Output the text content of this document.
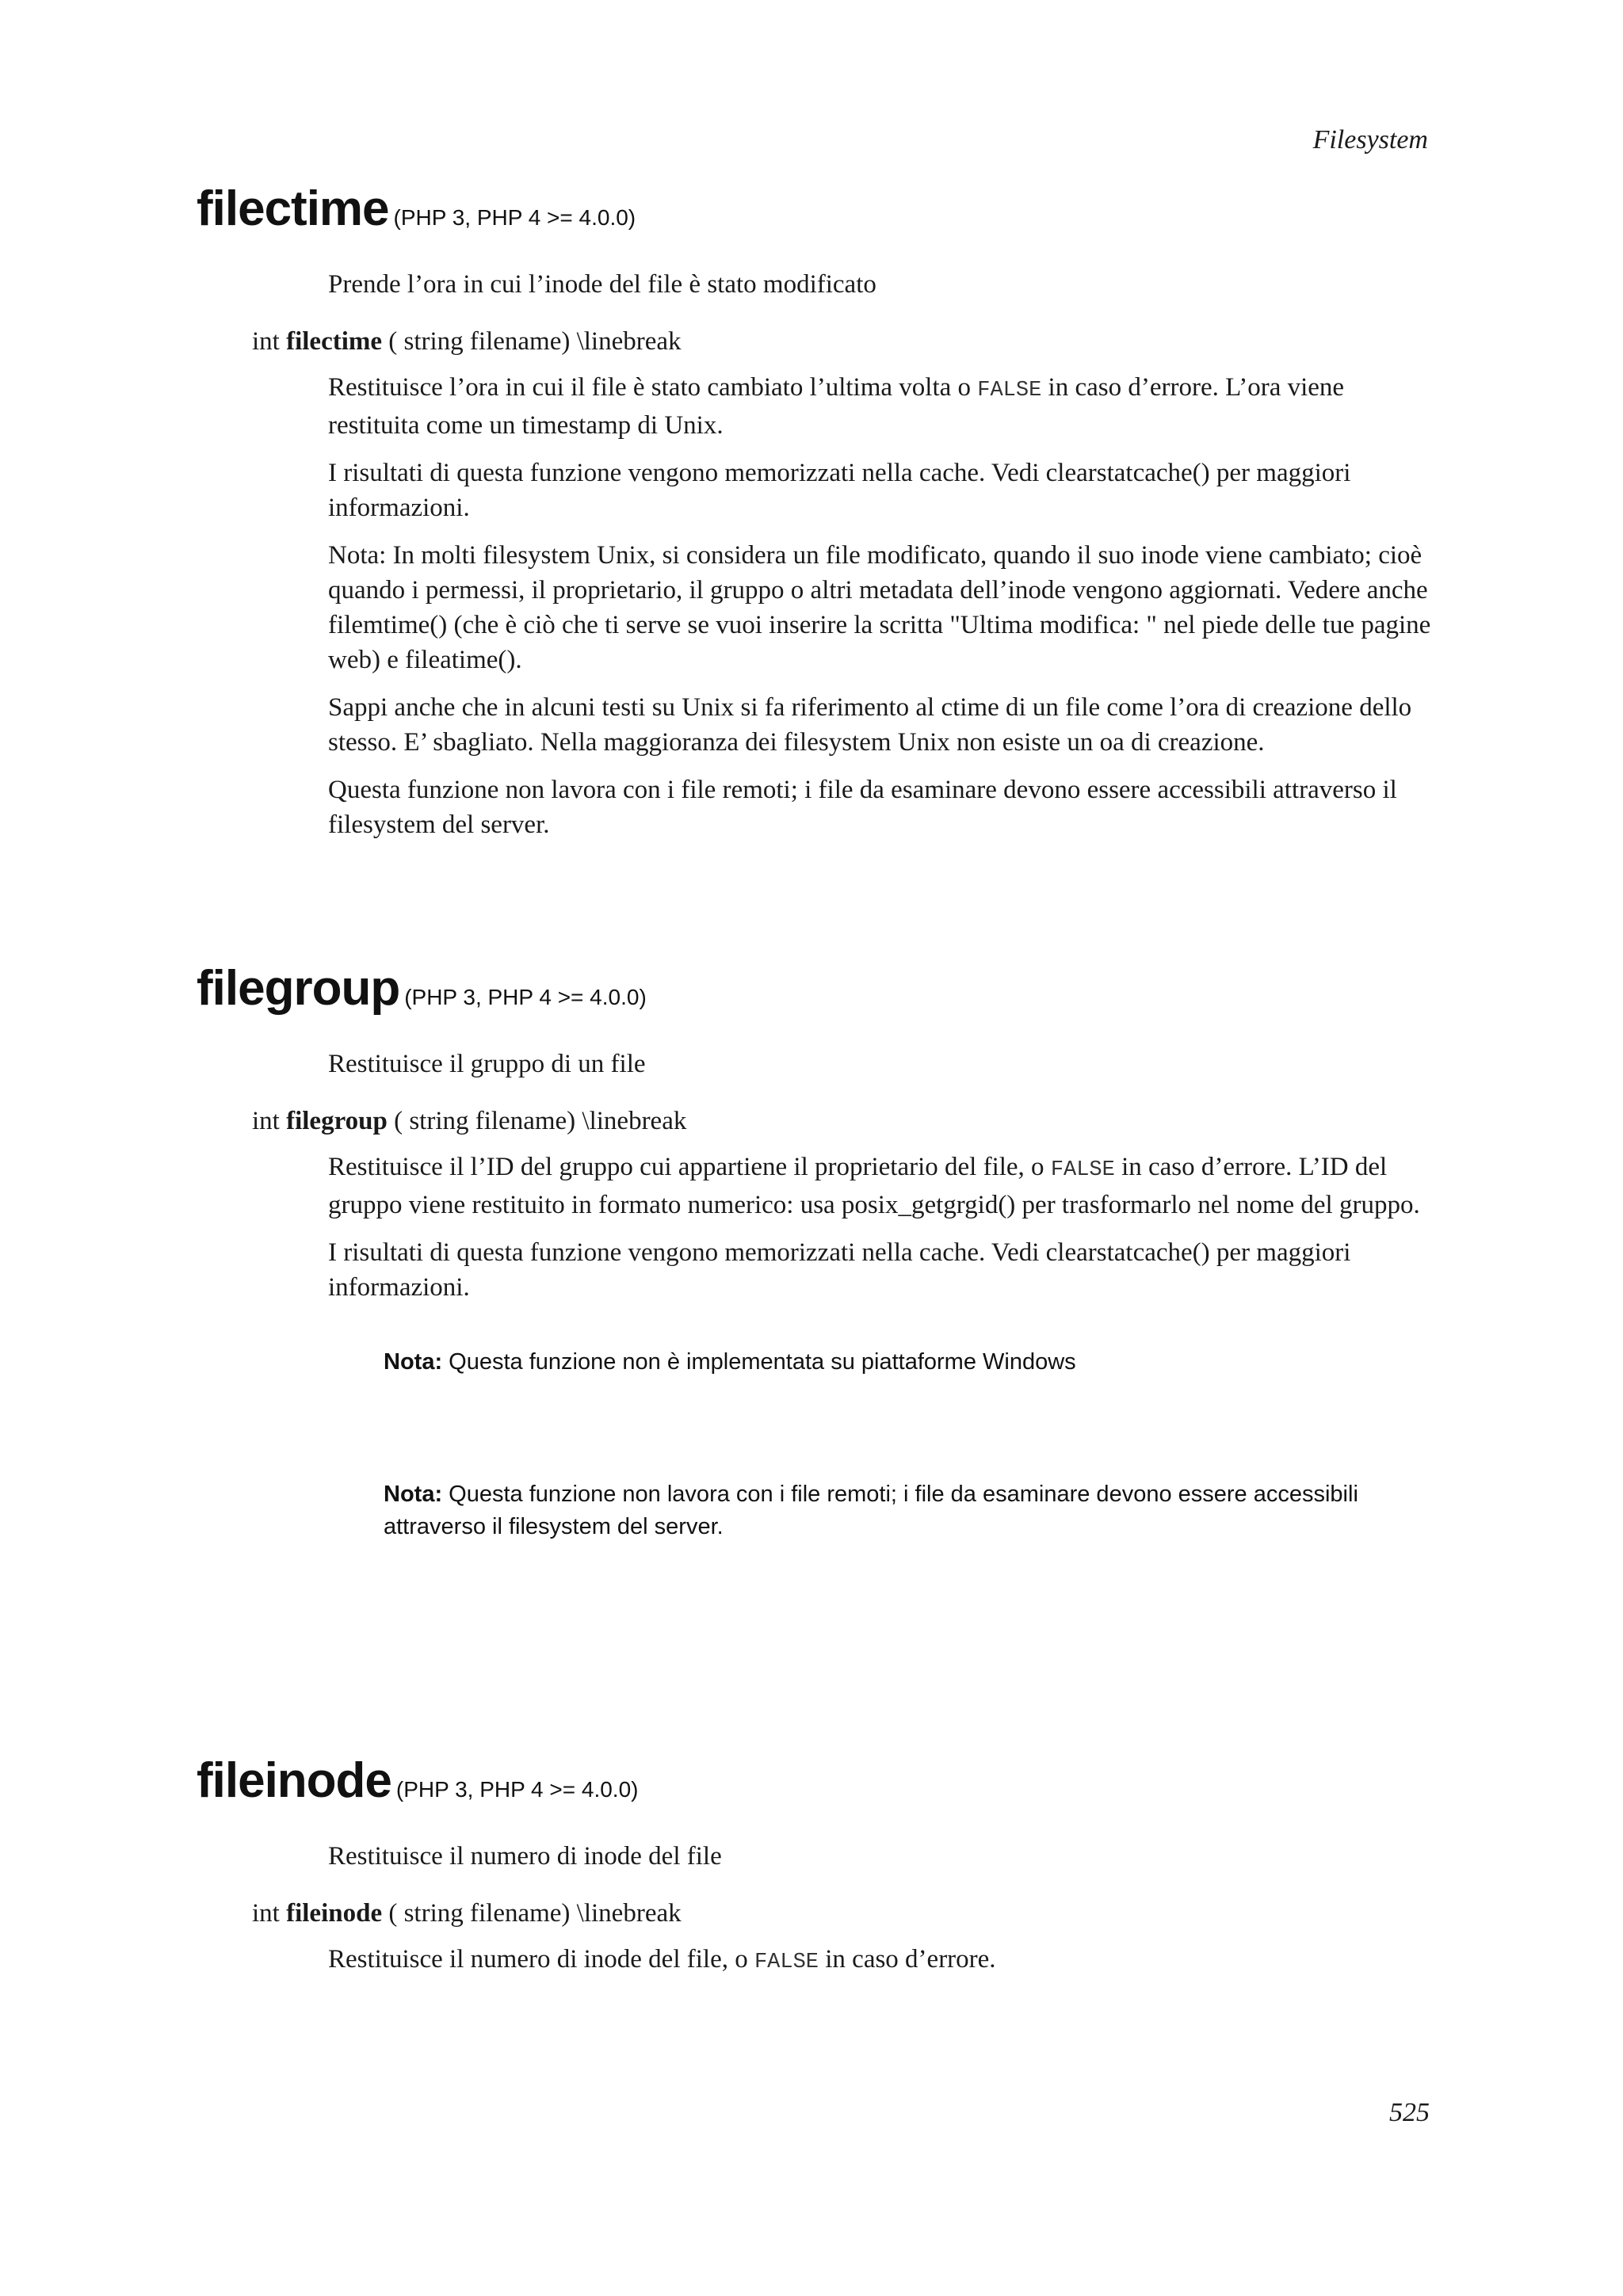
Filesystem
filectime (PHP 3, PHP 4 >= 4.0.0)
Prende l’ora in cui l’inode del file è stato modificato
int filectime ( string filename) \linebreak
Restituisce l’ora in cui il file è stato cambiato l’ultima volta o FALSE in caso d’errore. L’ora viene restituita come un timestamp di Unix.
I risultati di questa funzione vengono memorizzati nella cache. Vedi clearstatcache() per maggiori informazioni.
Nota: In molti filesystem Unix, si considera un file modificato, quando il suo inode viene cambiato; cioè quando i permessi, il proprietario, il gruppo o altri metadata dell’inode vengono aggiornati. Vedere anche filemtime() (che è ciò che ti serve se vuoi inserire la scritta "Ultima modifica: " nel piede delle tue pagine web) e fileatime().
Sappi anche che in alcuni testi su Unix si fa riferimento al ctime di un file come l’ora di creazione dello stesso. E’ sbagliato. Nella maggioranza dei filesystem Unix non esiste un oa di creazione.
Questa funzione non lavora con i file remoti; i file da esaminare devono essere accessibili attraverso il filesystem del server.
filegroup (PHP 3, PHP 4 >= 4.0.0)
Restituisce il gruppo di un file
int filegroup ( string filename) \linebreak
Restituisce il l’ID del gruppo cui appartiene il proprietario del file, o FALSE in caso d’errore. L’ID del gruppo viene restituito in formato numerico: usa posix_getgrgid() per trasformarlo nel nome del gruppo.
I risultati di questa funzione vengono memorizzati nella cache. Vedi clearstatcache() per maggiori informazioni.
Nota: Questa funzione non è implementata su piattaforme Windows
Nota: Questa funzione non lavora con i file remoti; i file da esaminare devono essere accessibili attraverso il filesystem del server.
fileinode (PHP 3, PHP 4 >= 4.0.0)
Restituisce il numero di inode del file
int fileinode ( string filename) \linebreak
Restituisce il numero di inode del file, o FALSE in caso d’errore.
525
